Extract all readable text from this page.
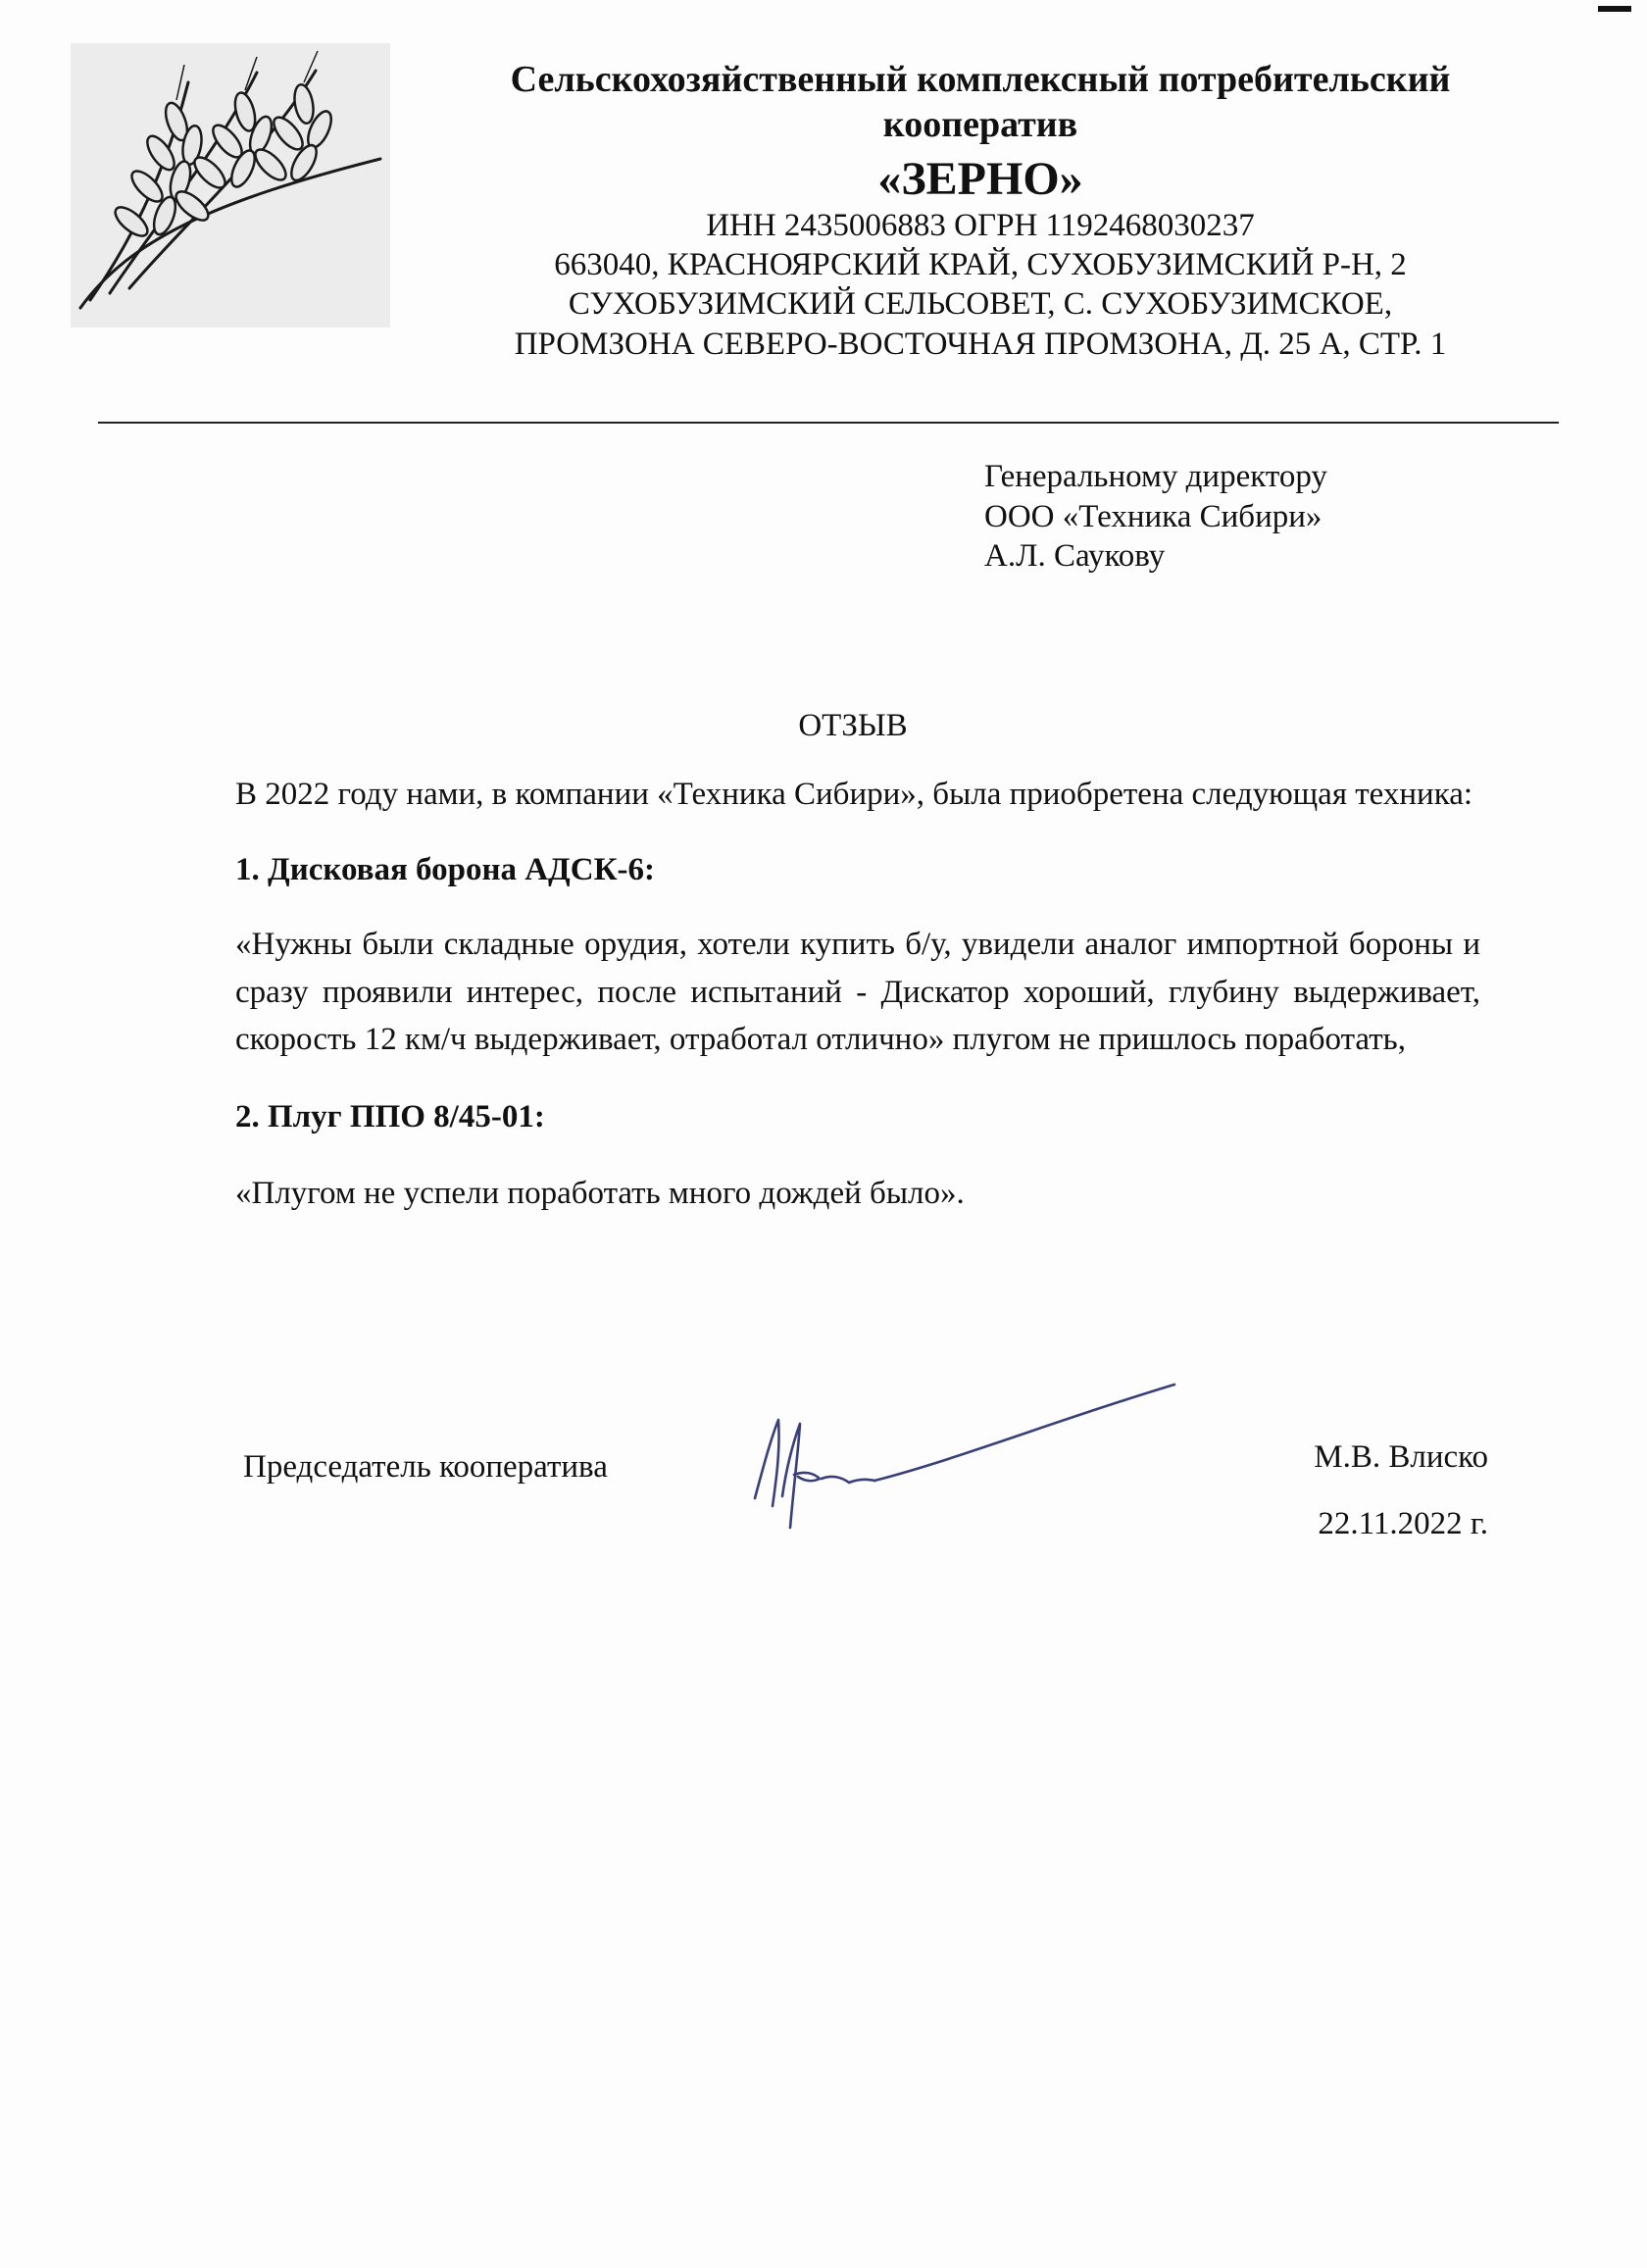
Сельскохозяйственный комплексный потребительский
кооператив
«ЗЕРНО»
ИНН 2435006883 ОГРН 1192468030237
663040, КРАСНОЯРСКИЙ КРАЙ, СУХОБУЗИМСКИЙ Р-Н, 2
СУХОБУЗИМСКИЙ СЕЛЬСОВЕТ, С. СУХОБУЗИМСКОЕ,
ПРОМЗОНА СЕВЕРО-ВОСТОЧНАЯ ПРОМЗОНА, Д. 25 А, СТР. 1
Генеральному директору
ООО «Техника Сибири»
А.Л. Саукову
ОТЗЫВ

В 2022 году нами, в компании «Техника Сибири», была приобретена следующая техника:

1. Дисковая борона АДСК-6:

«Нужны были складные орудия, хотели купить б/у, увидели аналог импортной бороны и сразу проявили интерес, после испытаний - Дискатор хороший, глубину выдерживает, скорость 12 км/ч выдерживает, отработал отлично» плугом не пришлось поработать,

2. Плуг ППО 8/45-01:

«Плугом не успели поработать много дождей было».

Председатель кооператива	М.В. Влиско
22.11.2022 г.
